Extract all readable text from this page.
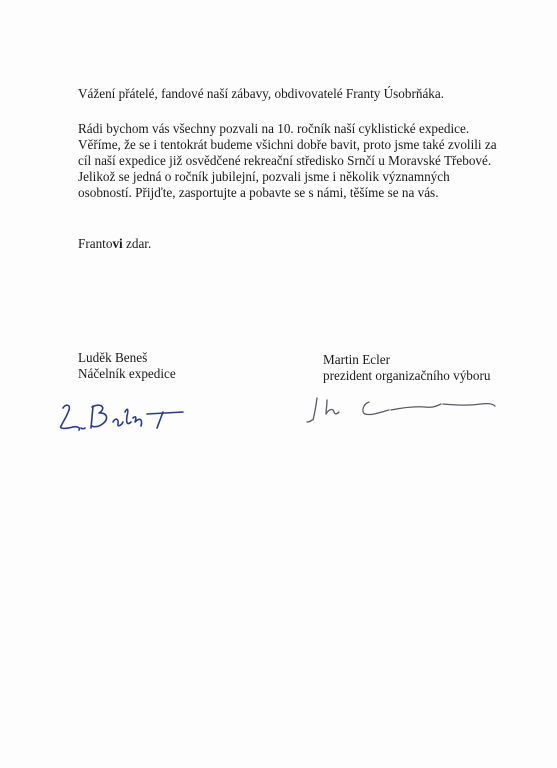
Vážení přátelé, fandové naší zábavy, obdivovatelé Franty Úsobrňáka.
Rádi bychom vás všechny pozvali na 10. ročník naší cyklistické expedice.
Věříme, že se i tentokrát budeme všichni dobře bavit, proto jsme také zvolili za
cíl naší expedice již osvědčené rekreační středisko Srnčí u Moravské Třebové.
Jelikož se jedná o ročník jubilejní, pozvali jsme i několik významných
osobností. Přijďte, zasportujte a pobavte se s námi, těšíme se na vás.
Frantovi zdar.
Luděk Beneš
Náčelník expedice
Martin Ecler
prezident organizačního výboru
